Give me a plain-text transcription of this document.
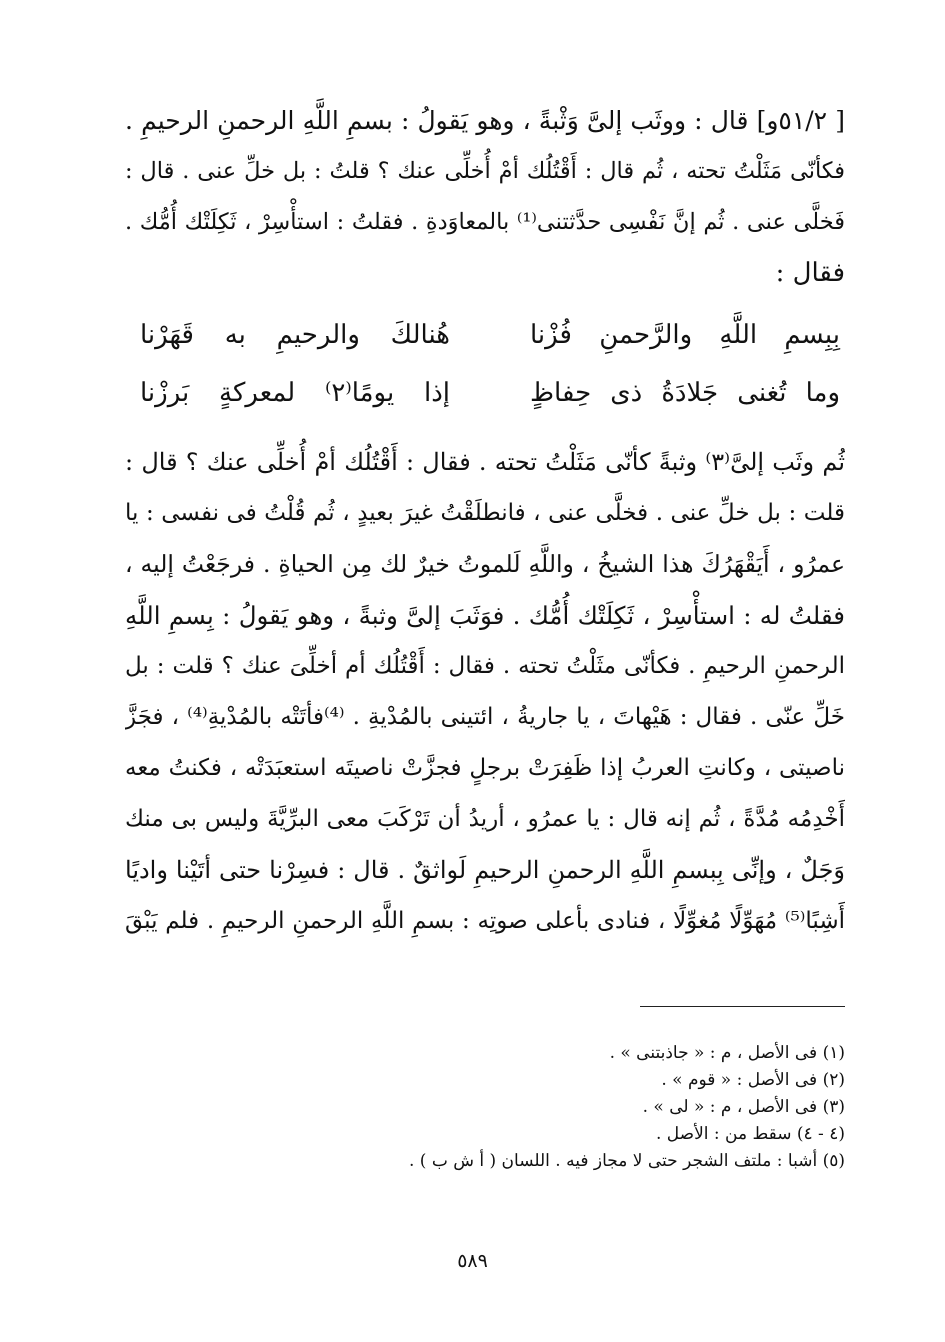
[ ٥١/٢و] قال : ووثَب إلىَّ وَثْبةً ، وهو يَقولُ : بسمِ اللَّهِ الرحمنِ الرحيمِ .
فكأنّى مَثَلْتُ تحته ، ثُم قال : أَقْتُلُك أمْ أُخلِّى عنك ؟ قلتُ : بل خلِّ عنى . قال :
فَخلَّى عنى . ثُم إنَّ نَفْسِى حدَّثتنى⁽¹⁾ بالمعاوَدةِ . فقلتُ : استأْسِرْ ، ثَكِلَتْك أُمُّك .
فقال :
بِبِسمِ اللَّهِ والرَّحمنِ فُزْنا
هُنالكَ والرحيمِ به قَهَرْنا
وما تُغنى جَلادَةُ ذى حِفاظٍ
إذا يومًا⁽٢⁾ لمعركةٍ بَرزْنا
ثُم وثَب إلىَّ⁽٣⁾ وثبةً كأنّى مَثَلْتُ تحته . فقال : أَقْتُلُك أمْ أُخلِّى عنك ؟ قال :
قلت : بل خلِّ عنى . فخلَّى عنى ، فانطلَقْتُ غيرَ بعيدٍ ، ثُم قُلْتُ فى نفسى : يا
عمرُو ، أَيَقْهَرُكَ هذا الشيخُ ، واللَّهِ لَلموتُ خيرٌ لك مِن الحياةِ . فرجَعْتُ إليه ،
فقلتُ له : استأْسِرْ ، ثَكِلَتْك أُمُّك . فوَثَبَ إلىَّ وثبةً ، وهو يَقولُ : بِسمِ اللَّهِ
الرحمنِ الرحيمِ . فكأنّى مثَلْتُ تحته . فقال : أَقْتُلُك أم أخلِّىَ عنك ؟ قلت : بل
خَلِّ عنّى . فقال : هَيْهاتَ ، يا جاريةُ ، ائتينى بالمُدْيةِ . ⁽⁴⁾فأتَتْه بالمُدْيةِ⁽⁴⁾ ، فجَزَّ
ناصيتى ، وكانتِ العربُ إذا ظَفِرَتْ برجلٍ فجزَّتْ ناصيتَه استعبَدَتْه ، فكنتُ معه
أَخْدِمُه مُدَّةً ، ثُم إنه قال : يا عمرُو ، أريدُ أن تَرْكَبَ معى البرِّيَّةَ وليس بى منك
وَجَلٌ ، وإنِّى بِبسمِ اللَّهِ الرحمنِ الرحيمِ لَواثقٌ . قال : فسِرْنا حتى أتَيْنا واديًا
أَشِبًا⁽⁵⁾ مُهَوِّلًا مُغوِّلًا ، فنادى بأعلى صوتِه : بسمِ اللَّهِ الرحمنِ الرحيمِ . فلم يَبْقَ
(١) فى الأصل ، م : « جاذبتنى » .
(٢) فى الأصل : « قوم » .
(٣) فى الأصل ، م : « لى » .
(٤ - ٤) سقط من : الأصل .
(٥) أشبا : ملتف الشجر حتى لا مجاز فيه . اللسان ( أ ش ب ) .
٥٨٩
